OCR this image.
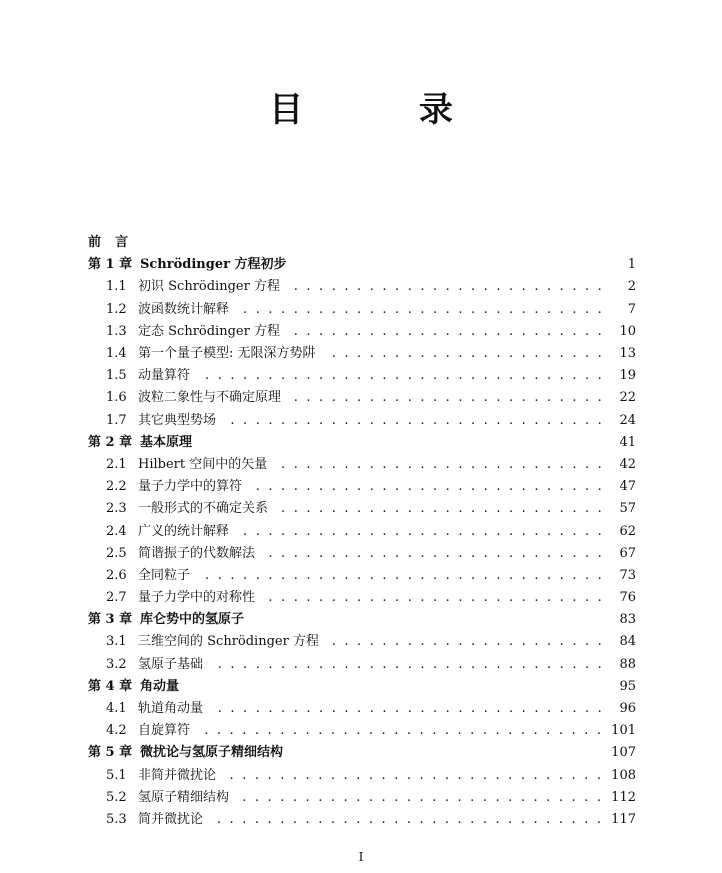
目 录
前言
第 1 章 Schrödinger 方程初步	1
1.1 初识 Schrödinger 方程 . . .	2
1.2 波函数统计解释 . . .	7
1.3 定态 Schrödinger 方程 . . .	10
1.4 第一个量子模型: 无限深方势阱 . . .	13
1.5 动量算符 . . .	19
1.6 波粒二象性与不确定原理 . . .	22
1.7 其它典型势场 . . .	24
第 2 章 基本原理	41
2.1 Hilbert 空间中的矢量 . . .	42
2.2 量子力学中的算符 . . .	47
2.3 一般形式的不确定关系 . . .	57
2.4 广义的统计解释 . . .	62
2.5 简谐振子的代数解法 . . .	67
2.6 全同粒子 . . .	73
2.7 量子力学中的对称性 . . .	76
第 3 章 库仑势中的氢原子	83
3.1 三维空间的 Schrödinger 方程 . . .	84
3.2 氢原子基础 . . .	88
第 4 章 角动量	95
4.1 轨道角动量 . . .	96
4.2 自旋算符 . . .	101
第 5 章 微扰论与氢原子精细结构	107
5.1 非简并微扰论 . . .	108
5.2 氢原子精细结构 . . .	112
5.3 简并微扰论 . . .	117
I
